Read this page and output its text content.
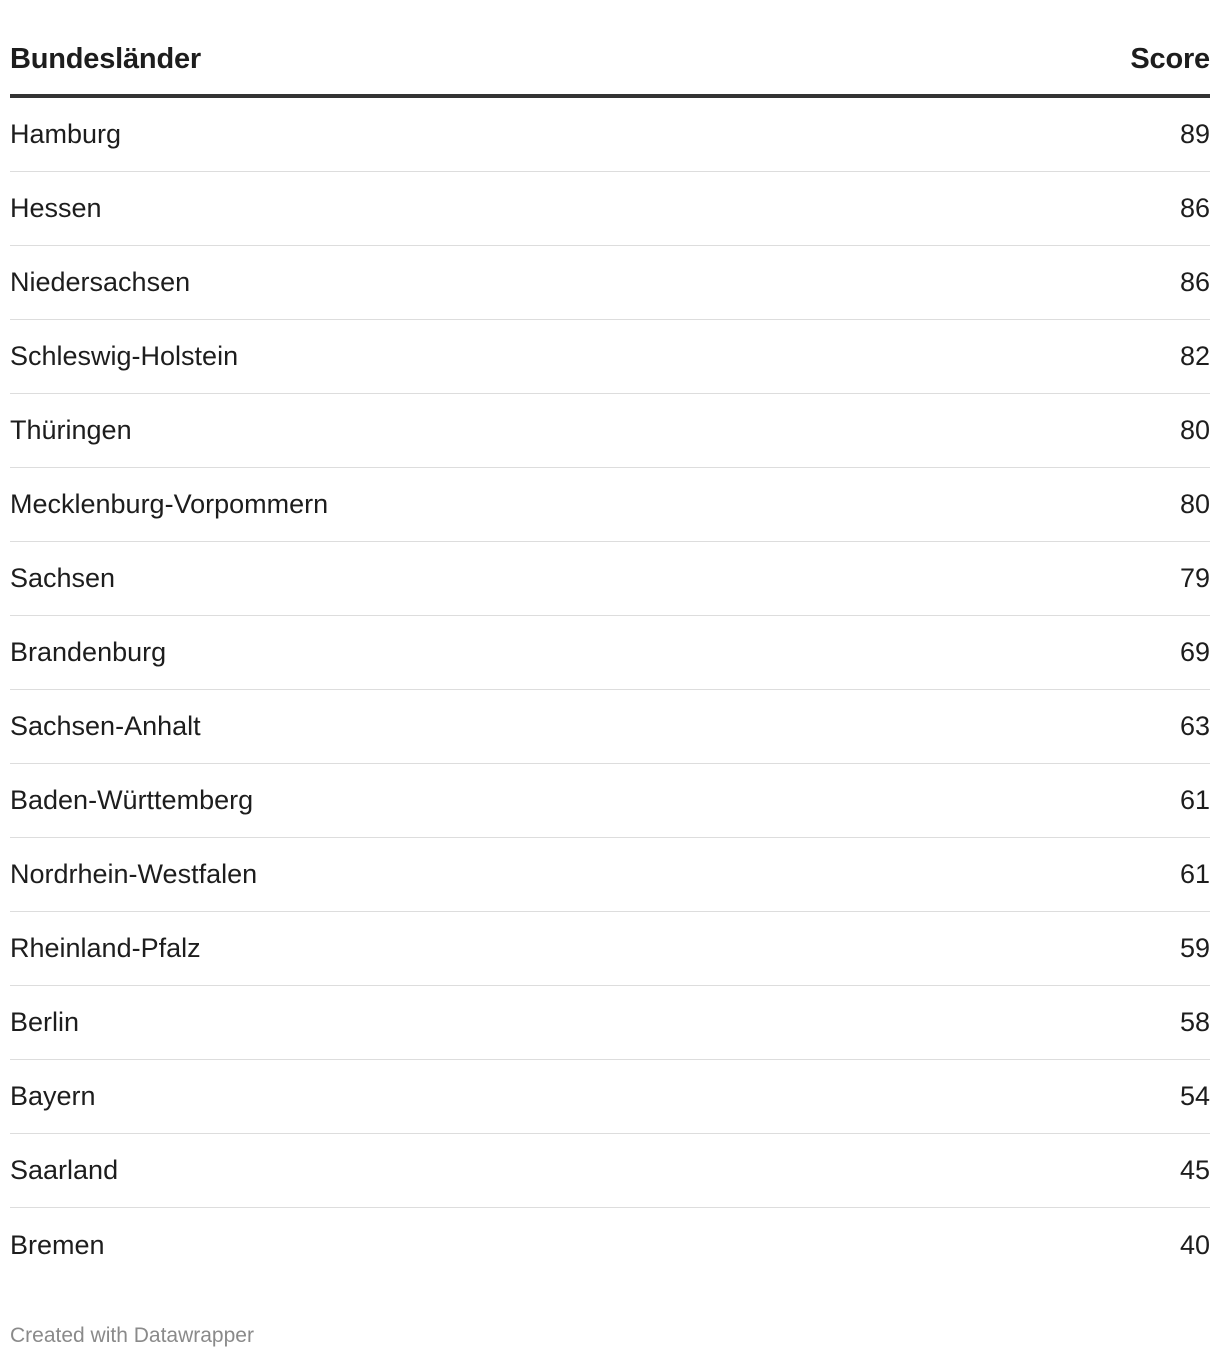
Bundesländer	Score
Hamburg	89
Hessen	86
Niedersachsen	86
Schleswig-Holstein	82
Thüringen	80
Mecklenburg-Vorpommern	80
Sachsen	79
Brandenburg	69
Sachsen-Anhalt	63
Baden-Württemberg	61
Nordrhein-Westfalen	61
Rheinland-Pfalz	59
Berlin	58
Bayern	54
Saarland	45
Bremen	40
Created with Datawrapper
